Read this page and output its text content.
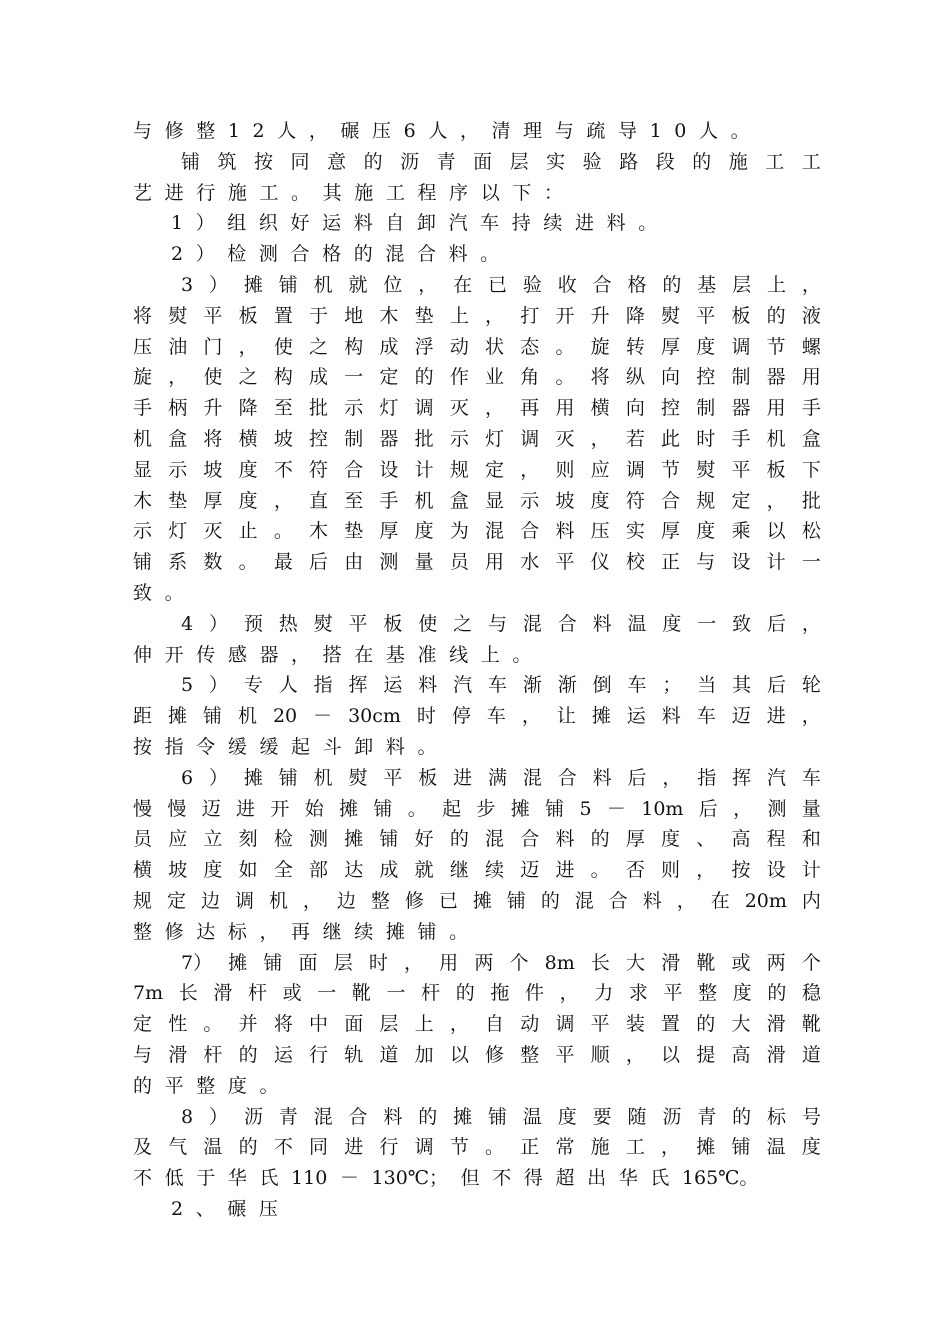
与 修 整 1 2 人 ， 碾 压 6 人 ， 清 理 与 疏 导 1 0 人 。
铺 筑 按 同 意 的 沥 青 面 层 实 验 路 段 的 施 工 工
艺 进 行 施 工 。 其 施 工 程 序 以 下 ：
1 ） 组 织 好 运 料 自 卸 汽 车 持 续 进 料 。
2 ） 检 测 合 格 的 混 合 料 。
3 ） 摊 铺 机 就 位 ， 在 已 验 收 合 格 的 基 层 上 ，
将 熨 平 板 置 于 地 木 垫 上 ， 打 开 升 降 熨 平 板 的 液
压 油 门 ， 使 之 构 成 浮 动 状 态 。 旋 转 厚 度 调 节 螺
旋 ， 使 之 构 成 一 定 的 作 业 角 。 将 纵 向 控 制 器 用
手 柄 升 降 至 批 示 灯 调 灭 ， 再 用 横 向 控 制 器 用 手
机 盒 将 横 坡 控 制 器 批 示 灯 调 灭 ， 若 此 时 手 机 盒
显 示 坡 度 不 符 合 设 计 规 定 ， 则 应 调 节 熨 平 板 下
木 垫 厚 度 ， 直 至 手 机 盒 显 示 坡 度 符 合 规 定 ， 批
示 灯 灭 止 。 木 垫 厚 度 为 混 合 料 压 实 厚 度 乘 以 松
铺 系 数 。 最 后 由 测 量 员 用 水 平 仪 校 正 与 设 计 一
致 。
4 ） 预 热 熨 平 板 使 之 与 混 合 料 温 度 一 致 后 ，
伸 开 传 感 器 ， 搭 在 基 准 线 上 。
5 ） 专 人 指 挥 运 料 汽 车 渐 渐 倒 车 ； 当 其 后 轮
距 摊 铺 机 20 － 30cm 时 停 车 ， 让 摊 运 料 车 迈 进 ，
按 指 令 缓 缓 起 斗 卸 料 。
6 ） 摊 铺 机 熨 平 板 进 满 混 合 料 后 ， 指 挥 汽 车
慢 慢 迈 进 开 始 摊 铺 。 起 步 摊 铺 5 － 10m 后 ， 测 量
员 应 立 刻 检 测 摊 铺 好 的 混 合 料 的 厚 度 、 高 程 和
横 坡 度 如 全 部 达 成 就 继 续 迈 进 。 否 则 ， 按 设 计
规 定 边 调 机 ， 边 整 修 已 摊 铺 的 混 合 料 ， 在 20m 内
整 修 达 标 ， 再 继 续 摊 铺 。
7） 摊 铺 面 层 时 ， 用 两 个 8m 长 大 滑 靴 或 两 个
7m 长 滑 杆 或 一 靴 一 杆 的 拖 件 ， 力 求 平 整 度 的 稳
定 性 。 并 将 中 面 层 上 ， 自 动 调 平 装 置 的 大 滑 靴
与 滑 杆 的 运 行 轨 道 加 以 修 整 平 顺 ， 以 提 高 滑 道
的 平 整 度 。
8 ） 沥 青 混 合 料 的 摊 铺 温 度 要 随 沥 青 的 标 号
及 气 温 的 不 同 进 行 调 节 。 正 常 施 工 ， 摊 铺 温 度
不 低 于 华 氏 110 － 130℃； 但 不 得 超 出 华 氏 165℃。
2 、 碾 压
